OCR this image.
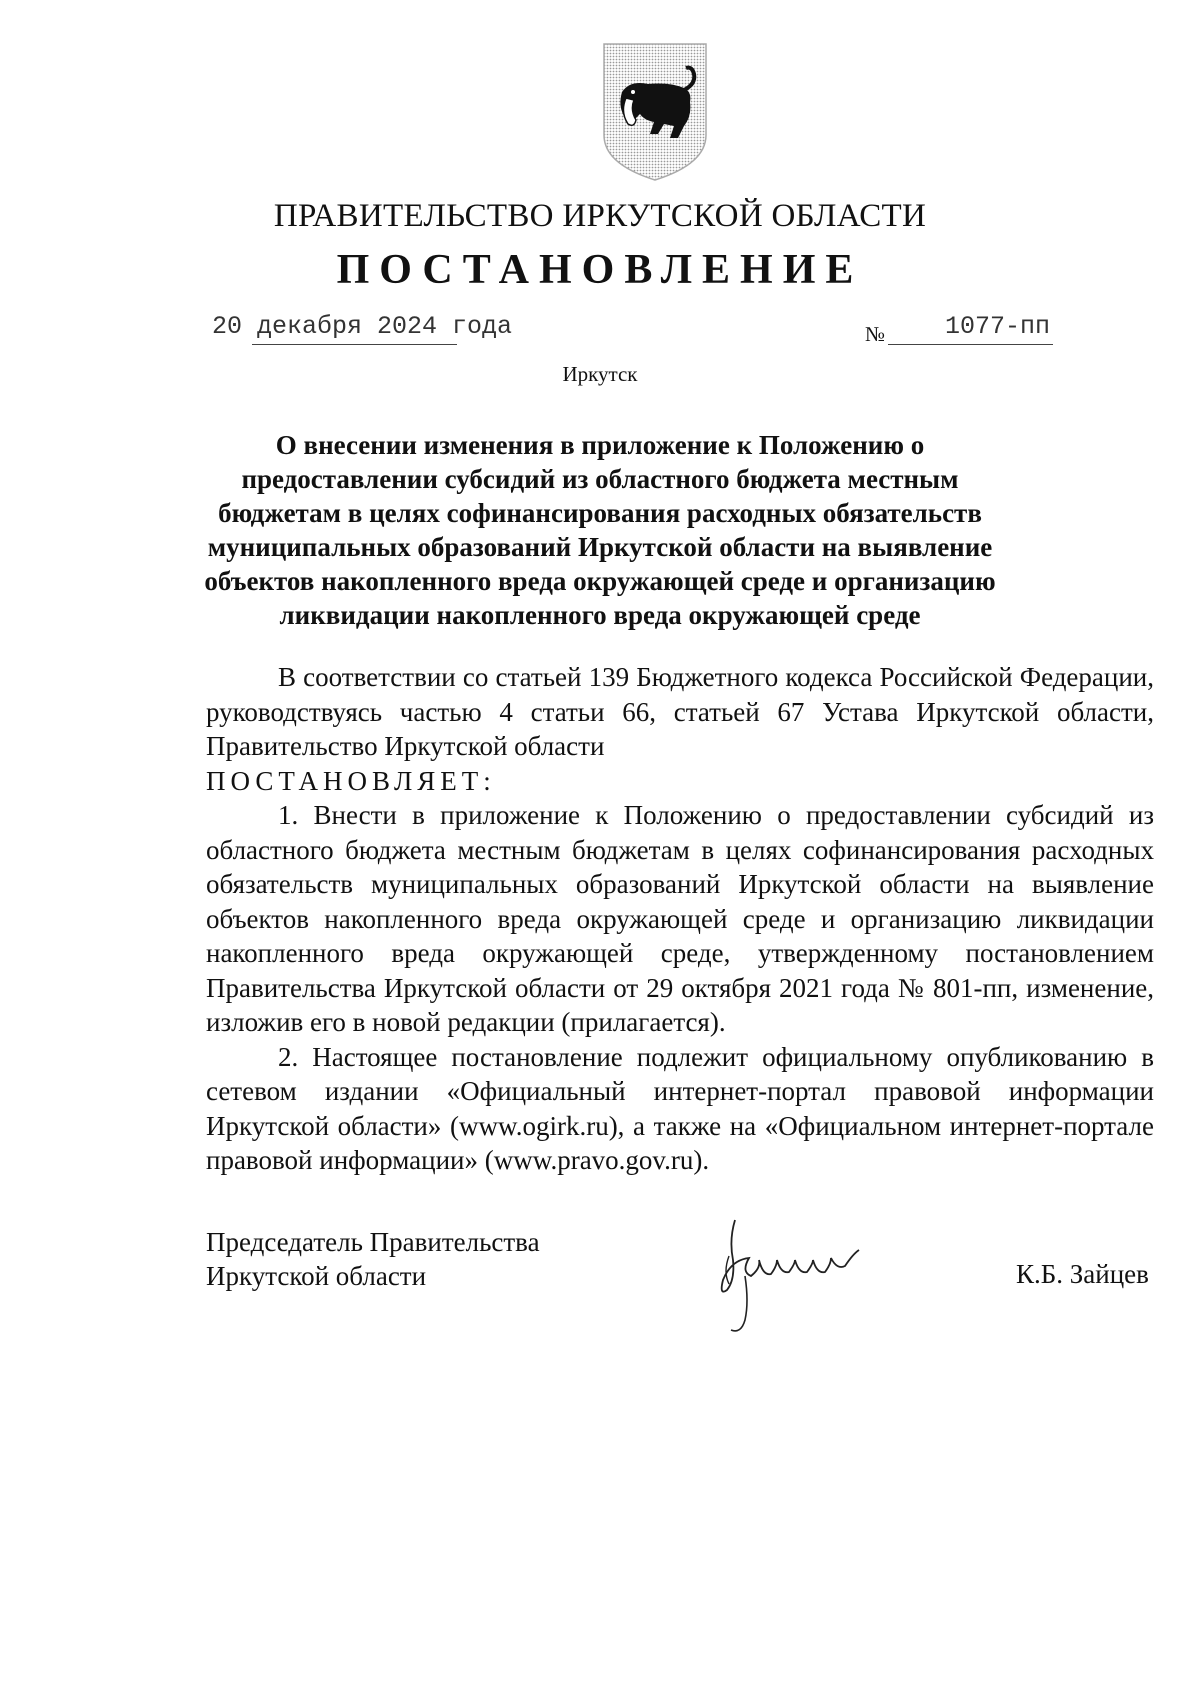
ПРАВИТЕЛЬСТВО ИРКУТСКОЙ ОБЛАСТИ
ПОСТАНОВЛЕНИЕ
20 декабря 2024 года	№ 1077-пп
Иркутск
О внесении изменения в приложение к Положению о предоставлении субсидий из областного бюджета местным бюджетам в целях софинансирования расходных обязательств муниципальных образований Иркутской области на выявление объектов накопленного вреда окружающей среде и организацию ликвидации накопленного вреда окружающей среде

В соответствии со статьей 139 Бюджетного кодекса Российской Федерации, руководствуясь частью 4 статьи 66, статьей 67 Устава Иркутской области, Правительство Иркутской области

ПОСТАНОВЛЯЕТ:

1. Внести в приложение к Положению о предоставлении субсидий из областного бюджета местным бюджетам в целях софинансирования расходных обязательств муниципальных образований Иркутской области на выявление объектов накопленного вреда окружающей среде и организацию ликвидации накопленного вреда окружающей среде, утвержденному постановлением Правительства Иркутской области от 29 октября 2021 года № 801-пп, изменение, изложив его в новой редакции (прилагается).

2. Настоящее постановление подлежит официальному опубликованию в сетевом издании «Официальный интернет-портал правовой информации Иркутской области» (www.ogirk.ru), а также на «Официальном интернет-портале правовой информации» (www.pravo.gov.ru).

Председатель Правительства
Иркутской области	К.Б. Зайцев
